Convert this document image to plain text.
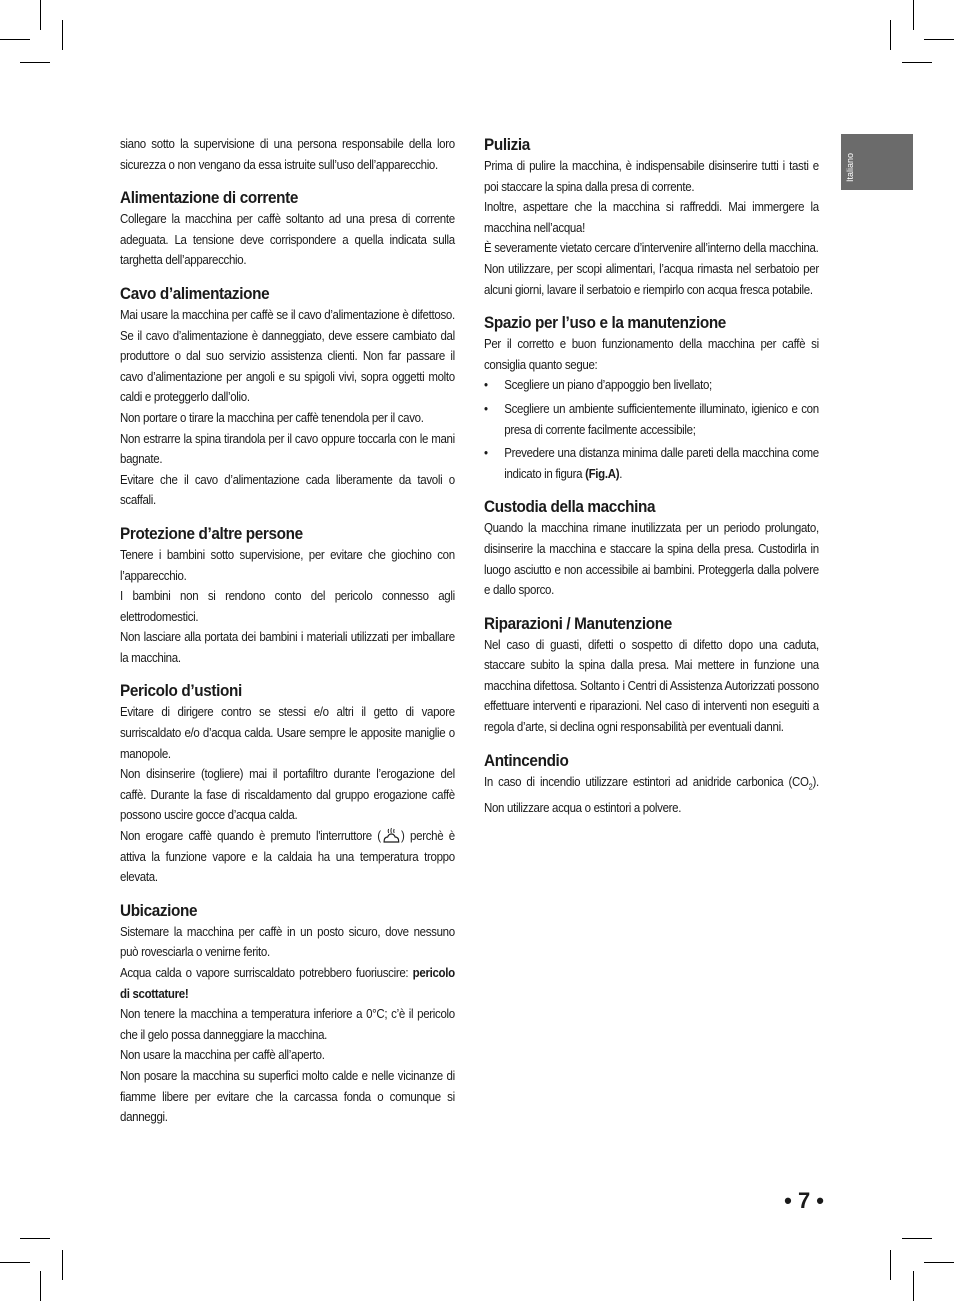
Italiano

siano sotto la supervisione di una persona responsabile della loro sicurezza o non vengano da essa istruite sull’uso dell’apparecchio.

Alimentazione di corrente

Collegare la macchina per caffè soltanto ad una presa di corrente adeguata. La tensione deve corrispondere a quella indicata sulla targhetta dell’apparecchio.

Cavo d’alimentazione

Mai usare la macchina per caffè se il cavo d’alimentazione è difettoso. Se il cavo d’alimentazione è danneggiato, deve essere cambiato dal produttore o dal suo servizio assistenza clienti. Non far passare il cavo d’alimentazione per angoli e su spigoli vivi, sopra oggetti molto caldi e proteggerlo dall’olio.

Non portare o tirare la macchina per caffè tenendola per il cavo.

Non estrarre la spina tirandola per il cavo oppure toccarla con le mani bagnate.

Evitare che il cavo d’alimentazione cada liberamente da tavoli o scaffali.

Protezione d’altre persone

Tenere i bambini sotto supervisione, per evitare che giochino con l’apparecchio.

I bambini non si rendono conto del pericolo connesso agli elettrodomestici.

Non lasciare alla portata dei bambini i materiali utilizzati per imballare la macchina.

Pericolo d’ustioni

Evitare di dirigere contro se stessi e/o altri il getto di vapore surriscaldato e/o d’acqua calda. Usare sempre le apposite maniglie o manopole.

Non disinserire (togliere) mai il portafiltro durante l’erogazione del caffè. Durante la fase di riscaldamento dal gruppo erogazione caffè possono uscire gocce d’acqua calda.

Non erogare caffè quando è premuto l'interruttore ( ) perchè è attiva la funzione vapore e la caldaia ha una temperatura troppo elevata.

Ubicazione

Sistemare la macchina per caffè in un posto sicuro, dove nessuno può rovesciarla o venirne ferito.

Acqua calda o vapore surriscaldato potrebbero fuoriuscire: pericolo di scottature!

Non tenere la macchina a temperatura inferiore a 0°C; c’è il pericolo che il gelo possa danneggiare la macchina.

Non usare la macchina per caffè all’aperto.

Non posare la macchina su superfici molto calde e nelle vicinanze di fiamme libere per evitare che la carcassa fonda o comunque si danneggi.

Pulizia

Prima di pulire la macchina, è indispensabile disinserire tutti i tasti e poi staccare la spina dalla presa di corrente.

Inoltre, aspettare che la macchina si raffreddi. Mai immergere la macchina nell’acqua!

È severamente vietato cercare d’intervenire all’interno della macchina.

Non utilizzare, per scopi alimentari, l’acqua rimasta nel serbatoio per alcuni giorni, lavare il serbatoio e riempirlo con acqua fresca potabile.

Spazio per l’uso e la manutenzione

Per il corretto e buon funzionamento della macchina per caffè si consiglia quanto segue:

• Scegliere un piano d’appoggio ben livellato;
• Scegliere un ambiente sufficientemente illuminato, igienico e con presa di corrente facilmente accessibile;
• Prevedere una distanza minima dalle pareti della macchina come indicato in figura (Fig.A).
Custodia della macchina

Quando la macchina rimane inutilizzata per un periodo prolungato, disinserire la macchina e staccare la spina della presa. Custodirla in luogo asciutto e non accessibile ai bambini. Proteggerla dalla polvere e dallo sporco.

Riparazioni / Manutenzione

Nel caso di guasti, difetti o sospetto di difetto dopo una caduta, staccare subito la spina dalla presa. Mai mettere in funzione una macchina difettosa. Soltanto i Centri di Assistenza Autorizzati possono effettuare interventi e riparazioni. Nel caso di interventi non eseguiti a regola d’arte, si declina ogni responsabilità per eventuali danni.

Antincendio

In caso di incendio utilizzare estintori ad anidride carbonica $(CO_2)$. Non utilizzare acqua o estintori a polvere.

• 7 •
